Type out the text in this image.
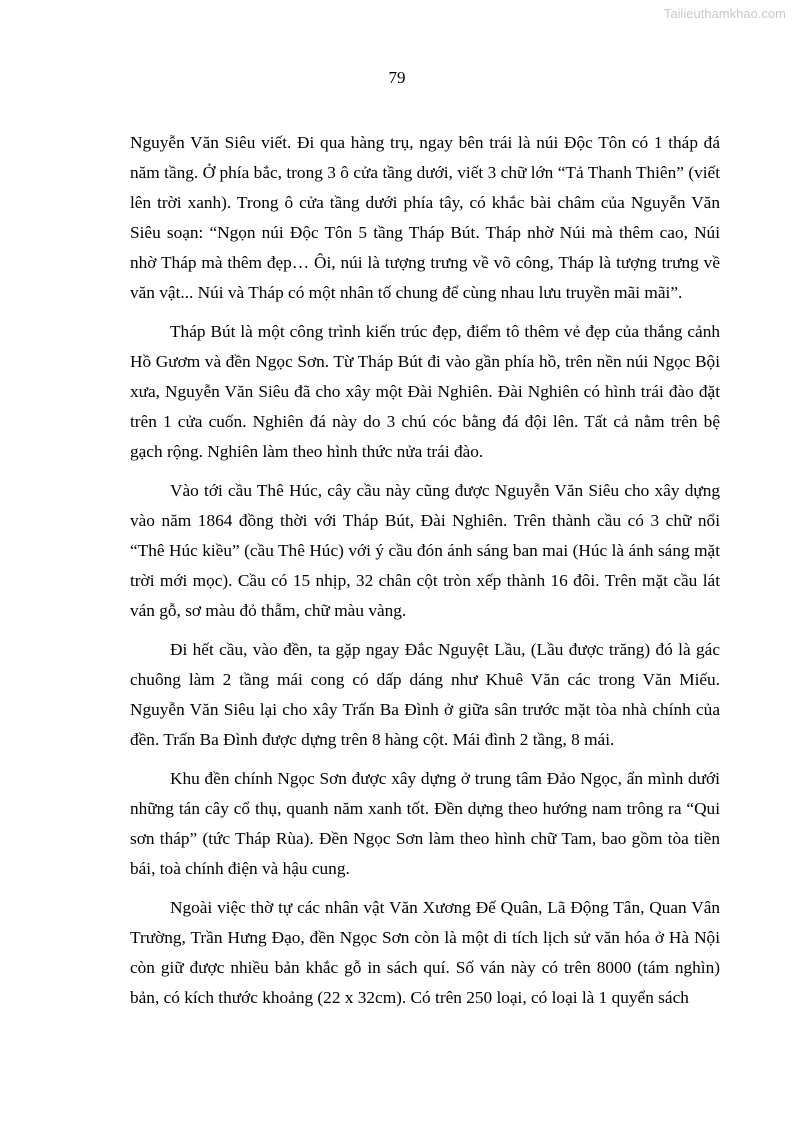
Tailieuthamkhao.com
79

Nguyễn Văn Siêu viết. Đi qua hàng trụ, ngay bên trái là núi Độc Tôn có 1 tháp đá năm tầng. Ở phía bắc, trong 3 ô cửa tầng dưới, viết 3 chữ lớn “Tả Thanh Thiên” (viết lên trời xanh). Trong ô cửa tầng dưới phía tây, có khắc bài châm của Nguyễn Văn Siêu soạn: “Ngọn núi Độc Tôn 5 tầng Tháp Bút. Tháp nhờ Núi mà thêm cao, Núi nhờ Tháp mà thêm đẹp… Ôi, núi là tượng trưng về võ công, Tháp là tượng trưng về văn vật... Núi và Tháp có một nhân tố chung để cùng nhau lưu truyền mãi mãi”.

Tháp Bút là một công trình kiến trúc đẹp, điểm tô thêm vẻ đẹp của thắng cảnh Hồ Gươm và đền Ngọc Sơn. Từ Tháp Bút đi vào gần phía hồ, trên nền núi Ngọc Bội xưa, Nguyễn Văn Siêu đã cho xây một Đài Nghiên. Đài Nghiên có hình trái đào đặt trên 1 cửa cuốn. Nghiên đá này do 3 chú cóc bằng đá đội lên. Tất cả nằm trên bệ gạch rộng. Nghiên làm theo hình thức nửa trái đào.

Vào tới cầu Thê Húc, cây cầu này cũng được Nguyễn Văn Siêu cho xây dựng vào năm 1864 đồng thời với Tháp Bút, Đài Nghiên. Trên thành cầu có 3 chữ nổi “Thê Húc kiều” (cầu Thê Húc) với ý cầu đón ánh sáng ban mai (Húc là ánh sáng mặt trời mới mọc). Cầu có 15 nhịp, 32 chân cột tròn xếp thành 16 đôi. Trên mặt cầu lát ván gỗ, sơ màu đỏ thẫm, chữ màu vàng.

Đi hết cầu, vào đền, ta gặp ngay Đắc Nguyệt Lầu, (Lầu được trăng) đó là gác chuông làm 2 tầng mái cong có dấp dáng như Khuê Văn các trong Văn Miếu. Nguyễn Văn Siêu lại cho xây Trấn Ba Đình ở giữa sân trước mặt tòa nhà chính của đền. Trấn Ba Đình được dựng trên 8 hàng cột. Mái đình 2 tầng, 8 mái.

Khu đền chính Ngọc Sơn được xây dựng ở trung tâm Đảo Ngọc, ẩn mình dưới những tán cây cổ thụ, quanh năm xanh tốt. Đền dựng theo hướng nam trông ra “Qui sơn tháp” (tức Tháp Rùa). Đền Ngọc Sơn làm theo hình chữ Tam, bao gồm tòa tiền bái, toà chính điện và hậu cung.

Ngoài việc thờ tự các nhân vật Văn Xương Đế Quân, Lã Động Tân, Quan Vân Trường, Trần Hưng Đạo, đền Ngọc Sơn còn là một di tích lịch sử văn hóa ở Hà Nội còn giữ được nhiều bản khắc gỗ in sách quí. Số ván này có trên 8000 (tám nghìn) bản, có kích thước khoảng (22 x 32cm). Có trên 250 loại, có loại là 1 quyển sách
